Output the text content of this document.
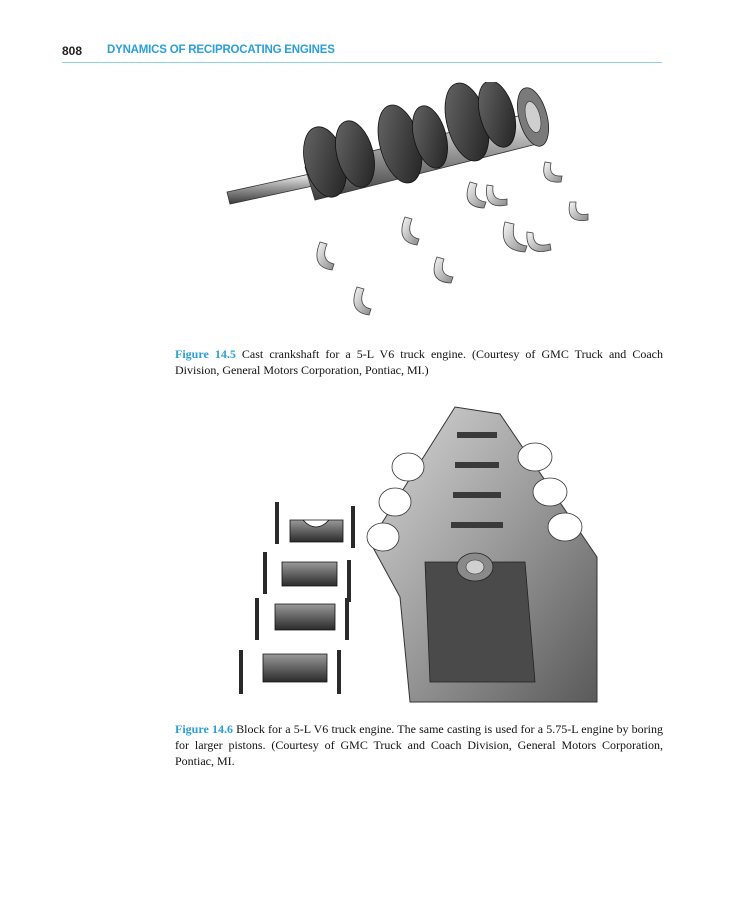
808 DYNAMICS OF RECIPROCATING ENGINES
Figure 14.5 Cast crankshaft for a 5-L V6 truck engine. (Courtesy of GMC Truck and Coach Division, General Motors Corporation, Pontiac, MI.)
Figure 14.6 Block for a 5-L V6 truck engine. The same casting is used for a 5.75-L engine by boring for larger pistons. (Courtesy of GMC Truck and Coach Division, General Motors Corporation, Pontiac, MI.
